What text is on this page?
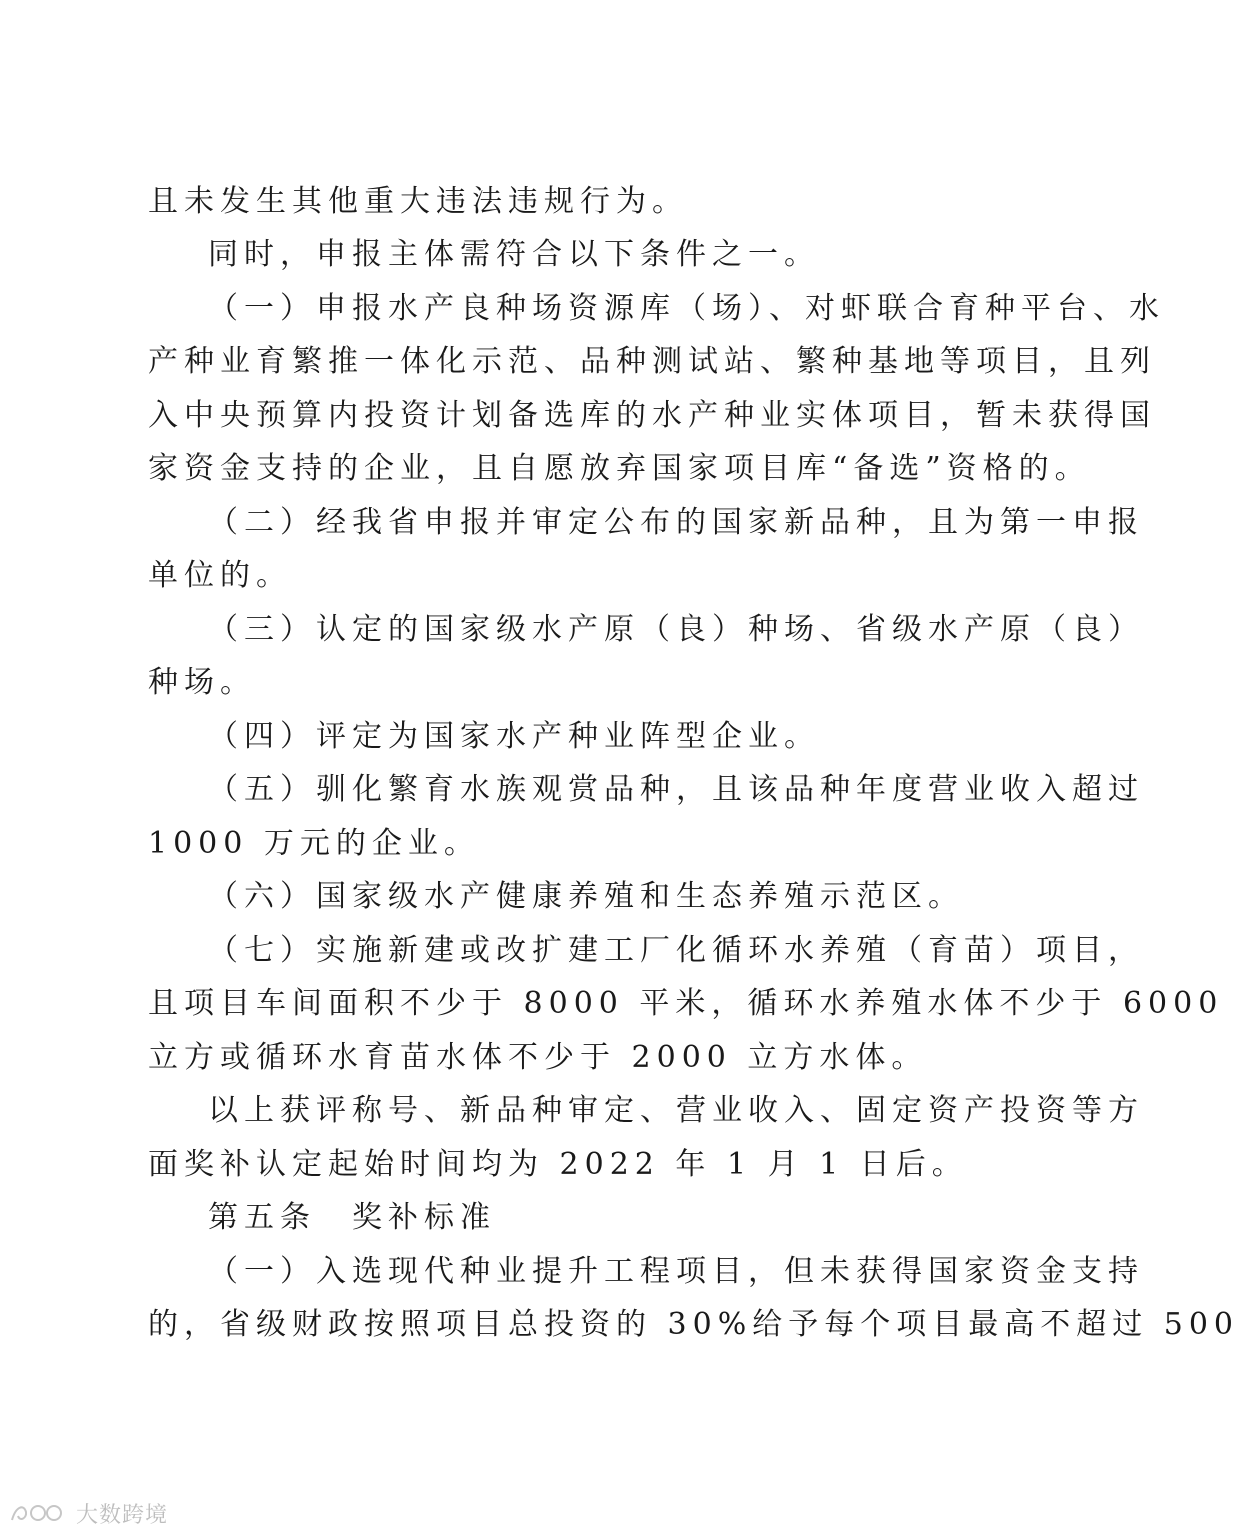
且未发生其他重大违法违规行为。
同时，申报主体需符合以下条件之一。
（一）申报水产良种场资源库（场）、对虾联合育种平台、水
产种业育繁推一体化示范、品种测试站、繁种基地等项目，且列
入中央预算内投资计划备选库的水产种业实体项目，暂未获得国
家资金支持的企业，且自愿放弃国家项目库“备选”资格的。
（二）经我省申报并审定公布的国家新品种，且为第一申报
单位的。
（三）认定的国家级水产原（良）种场、省级水产原（良）
种场。
（四）评定为国家水产种业阵型企业。
（五）驯化繁育水族观赏品种，且该品种年度营业收入超过
1000 万元的企业。
（六）国家级水产健康养殖和生态养殖示范区。
（七）实施新建或改扩建工厂化循环水养殖（育苗）项目，
且项目车间面积不少于 8000 平米，循环水养殖水体不少于 6000
立方或循环水育苗水体不少于 2000 立方水体。
以上获评称号、新品种审定、营业收入、固定资产投资等方
面奖补认定起始时间均为 2022 年 1 月 1 日后。
第五条　奖补标准
（一）入选现代种业提升工程项目，但未获得国家资金支持
的，省级财政按照项目总投资的 30%给予每个项目最高不超过 500
大数跨境
